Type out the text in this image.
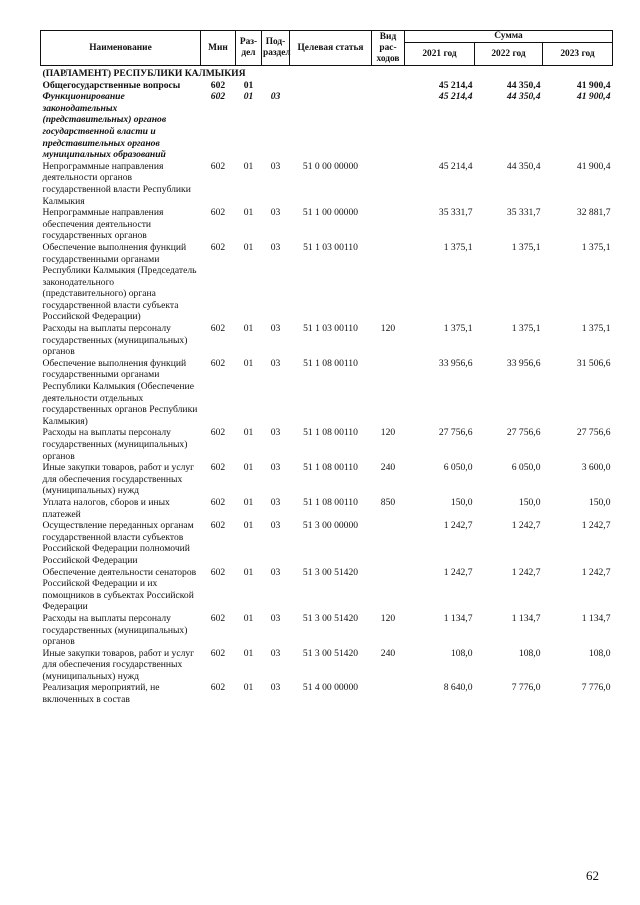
Наименование	Мин	Раз-дел	Под-раздел	Целевая статья	Вид рас-ходов	Сумма		
						2021 год	2022 год	2023 год
(ПАРЛАМЕНТ) РЕСПУБЛИКИ КАЛМЫКИЯ								
Общегосударственные вопросы	602	01				45 214,4	44 350,4	41 900,4
Функционирование законодательных (представительных) органов государственной власти и представительных органов муниципальных образований	602	01	03			45 214,4	44 350,4	41 900,4
Непрограммные направления деятельности органов государственной власти Республики Калмыкия	602	01	03	51 0 00 00000		45 214,4	44 350,4	41 900,4
Непрограммные направления обеспечения деятельности государственных органов	602	01	03	51 1 00 00000		35 331,7	35 331,7	32 881,7
Обеспечение выполнения функций государственными органами Республики Калмыкия (Председатель законодательного (представительного) органа государственной власти субъекта Российской Федерации)	602	01	03	51 1 03 00110		1 375,1	1 375,1	1 375,1
Расходы на выплаты персоналу государственных (муниципальных) органов	602	01	03	51 1 03 00110	120	1 375,1	1 375,1	1 375,1
Обеспечение выполнения функций государственными органами Республики Калмыкия (Обеспечение деятельности отдельных государственных органов Республики Калмыкия)	602	01	03	51 1 08 00110		33 956,6	33 956,6	31 506,6
Расходы на выплаты персоналу государственных (муниципальных) органов	602	01	03	51 1 08 00110	120	27 756,6	27 756,6	27 756,6
Иные закупки товаров, работ и услуг для обеспечения государственных (муниципальных) нужд	602	01	03	51 1 08 00110	240	6 050,0	6 050,0	3 600,0
Уплата налогов, сборов и иных платежей	602	01	03	51 1 08 00110	850	150,0	150,0	150,0
Осуществление переданных органам государственной власти субъектов Российской Федерации полномочий Российской Федерации	602	01	03	51 3 00 00000		1 242,7	1 242,7	1 242,7
Обеспечение деятельности сенаторов Российской Федерации и их помощников в субъектах Российской Федерации	602	01	03	51 3 00 51420		1 242,7	1 242,7	1 242,7
Расходы на выплаты персоналу государственных (муниципальных) органов	602	01	03	51 3 00 51420	120	1 134,7	1 134,7	1 134,7
Иные закупки товаров, работ и услуг для обеспечения государственных (муниципальных) нужд	602	01	03	51 3 00 51420	240	108,0	108,0	108,0
Реализация мероприятий, не включенных в состав	602	01	03	51 4 00 00000		8 640,0	7 776,0	7 776,0
62
